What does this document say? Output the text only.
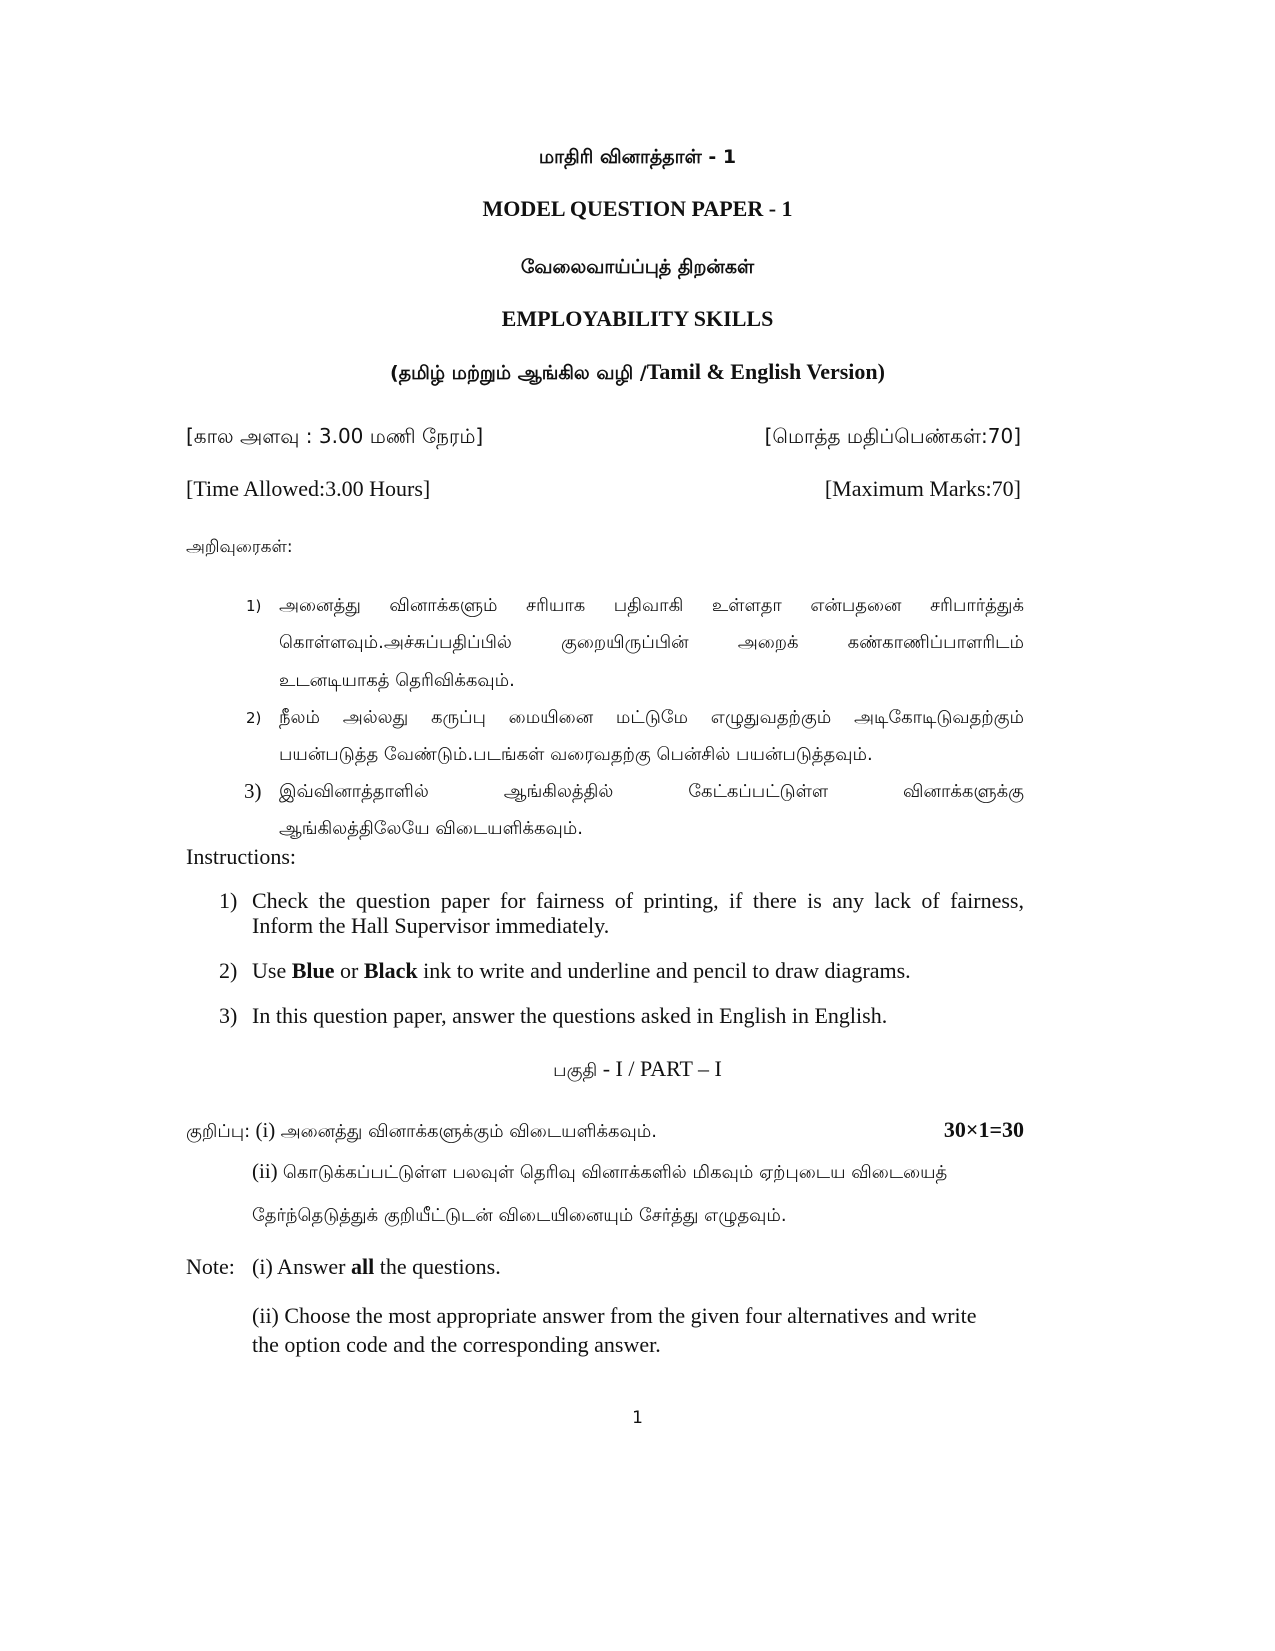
மாதிரி வினாத்தாள் - 1
MODEL QUESTION PAPER - 1
வேலைவாய்ப்புத் திறன்கள்
EMPLOYABILITY SKILLS
(தமிழ் மற்றும் ஆங்கில வழி /Tamil & English Version)
[கால அளவு : 3.00 மணி நேரம்]	[மொத்த மதிப்பெண்கள்:70]
[Time Allowed:3.00 Hours]	[Maximum Marks:70]
அறிவுரைகள்:
1) அனைத்து வினாக்களும் சரியாக பதிவாகி உள்ளதா என்பதனை சரிபார்த்துக்
கொள்ளவும்.அச்சுப்பதிப்பில் குறையிருப்பின் அறைக் கண்காணிப்பாளரிடம்
உடனடியாகத் தெரிவிக்கவும்.
2) நீலம் அல்லது கருப்பு மையினை மட்டுமே எழுதுவதற்கும் அடிகோடிடுவதற்கும்
பயன்படுத்த வேண்டும்.படங்கள் வரைவதற்கு பென்சில் பயன்படுத்தவும்.
3) இவ்வினாத்தாளில் ஆங்கிலத்தில் கேட்கப்பட்டுள்ள வினாக்களுக்கு
ஆங்கிலத்திலேயே விடையளிக்கவும்.
Instructions:
1) Check the question paper for fairness of printing, if there is any lack of fairness,
Inform the Hall Supervisor immediately.
2) Use Blue or Black ink to write and underline and pencil to draw diagrams.
3) In this question paper, answer the questions asked in English in English.
பகுதி - I / PART – I
குறிப்பு: (i) அனைத்து வினாக்களுக்கும் விடையளிக்கவும்.	30×1=30
(ii) கொடுக்கப்பட்டுள்ள பலவுள் தெரிவு வினாக்களில் மிகவும் ஏற்புடைய விடையைத்
தேர்ந்தெடுத்துக் குறியீட்டுடன் விடையினையும் சேர்த்து எழுதவும்.
Note: (i) Answer all the questions.
(ii) Choose the most appropriate answer from the given four alternatives and write
the option code and the corresponding answer.
1
